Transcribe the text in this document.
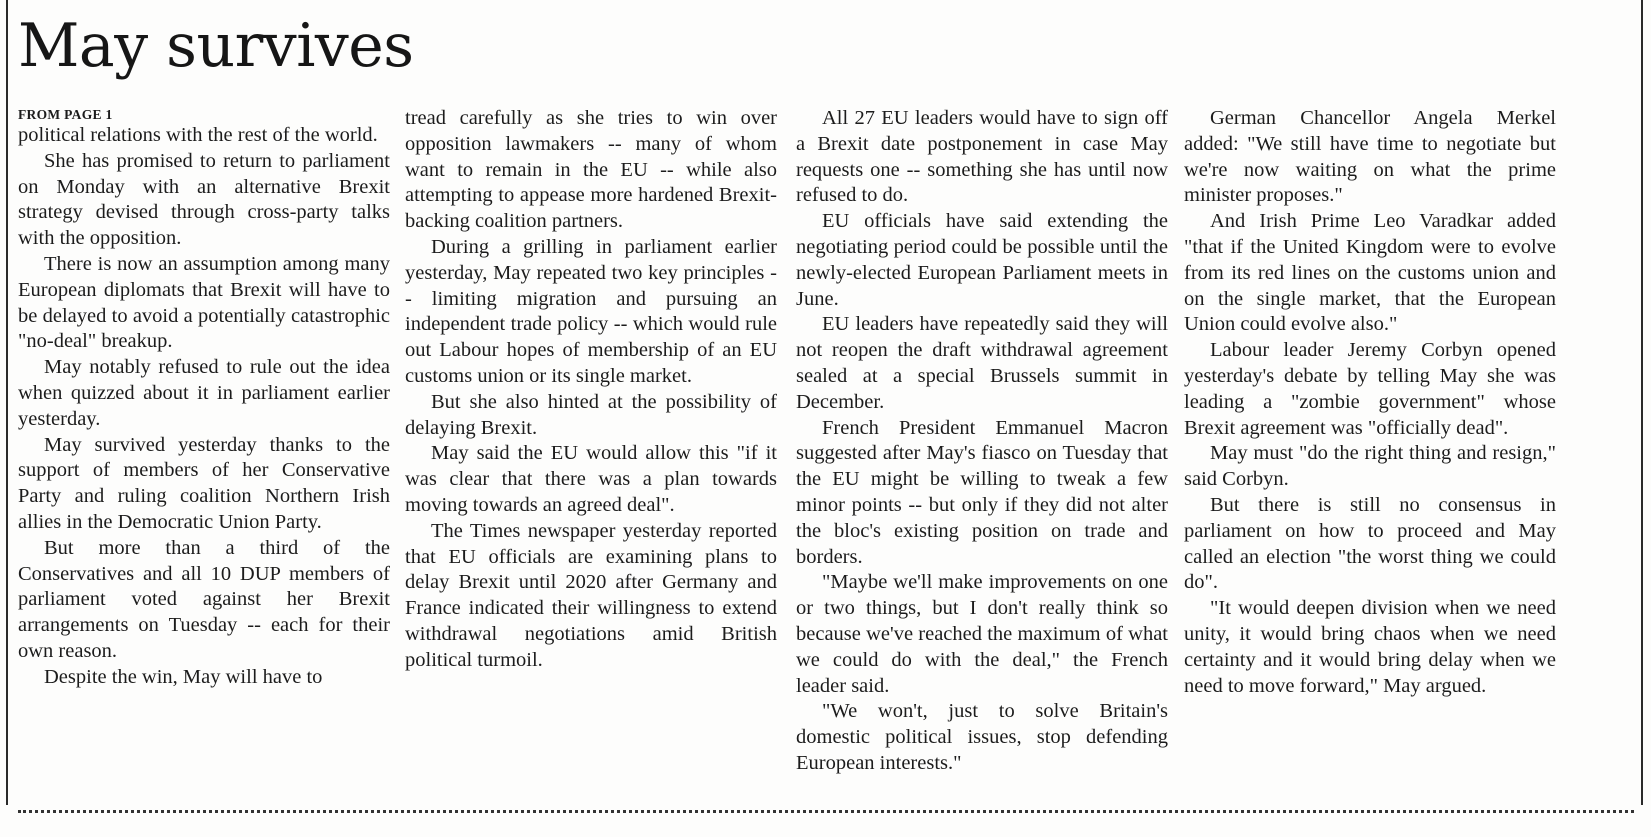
May survives

FROM PAGE 1

political relations with the rest of the world.

She has promised to return to parliament on Monday with an alternative Brexit strategy devised through cross-party talks with the opposition.

There is now an assumption among many European diplomats that Brexit will have to be delayed to avoid a potentially catastrophic "no-deal" breakup.

May notably refused to rule out the idea when quizzed about it in parliament earlier yesterday.

May survived yesterday thanks to the support of members of her Conservative Party and ruling coalition Northern Irish allies in the Democratic Union Party.

But more than a third of the Conservatives and all 10 DUP members of parliament voted against her Brexit arrangements on Tuesday -- each for their own reason.

Despite the win, May will have to

tread carefully as she tries to win over opposition lawmakers -- many of whom want to remain in the EU -- while also attempting to appease more hardened Brexit-backing coalition partners.

During a grilling in parliament earlier yesterday, May repeated two key principles -- limiting migration and pursuing an independent trade policy -- which would rule out Labour hopes of membership of an EU customs union or its single market.

But she also hinted at the possibility of delaying Brexit.

May said the EU would allow this "if it was clear that there was a plan towards moving towards an agreed deal".

The Times newspaper yesterday reported that EU officials are examining plans to delay Brexit until 2020 after Germany and France indicated their willingness to extend withdrawal negotiations amid British political turmoil.

All 27 EU leaders would have to sign off a Brexit date postponement in case May requests one -- something she has until now refused to do.

EU officials have said extending the negotiating period could be possible until the newly-elected European Parliament meets in June.

EU leaders have repeatedly said they will not reopen the draft withdrawal agreement sealed at a special Brussels summit in December.

French President Emmanuel Macron suggested after May's fiasco on Tuesday that the EU might be willing to tweak a few minor points -- but only if they did not alter the bloc's existing position on trade and borders.

"Maybe we'll make improvements on one or two things, but I don't really think so because we've reached the maximum of what we could do with the deal," the French leader said.

"We won't, just to solve Britain's domestic political issues, stop defending European interests."

German Chancellor Angela Merkel added: "We still have time to negotiate but we're now waiting on what the prime minister proposes."

And Irish Prime Leo Varadkar added "that if the United Kingdom were to evolve from its red lines on the customs union and on the single market, that the European Union could evolve also."

Labour leader Jeremy Corbyn opened yesterday's debate by telling May she was leading a "zombie government" whose Brexit agreement was "officially dead".

May must "do the right thing and resign," said Corbyn.

But there is still no consensus in parliament on how to proceed and May called an election "the worst thing we could do".

"It would deepen division when we need unity, it would bring chaos when we need certainty and it would bring delay when we need to move forward," May argued.
